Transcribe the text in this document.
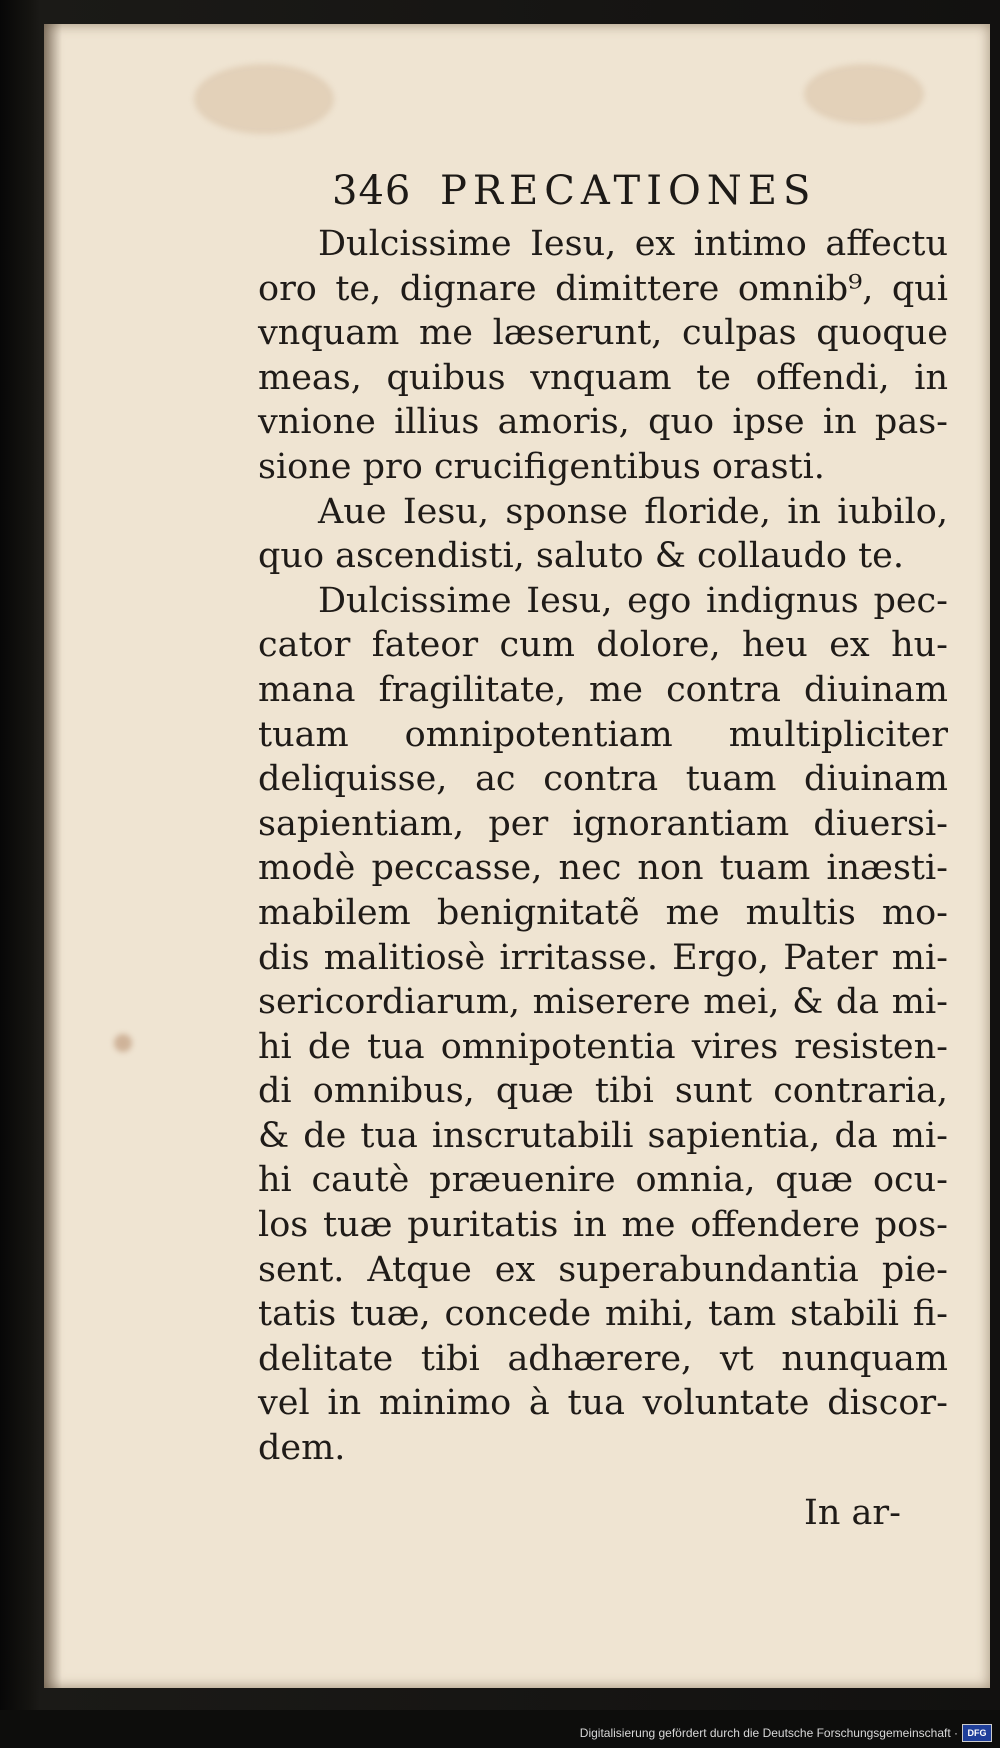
346 PRECATIONES
Dulcissime Iesu, ex intimo affectu
oro te, dignare dimittere omnib⁹, qui
vnquam me læserunt, culpas quoque
meas, quibus vnquam te offendi, in
vnione illius amoris, quo ipse in pas-
sione pro crucifigentibus orasti.
Aue Iesu, sponse floride, in iubilo,
quo ascendisti, saluto & collaudo te.
Dulcissime Iesu, ego indignus pec-
cator fateor cum dolore, heu ex hu-
mana fragilitate, me contra diuinam
tuam omnipotentiam multipliciter
deliquisse, ac contra tuam diuinam
sapientiam, per ignorantiam diuersi-
modè peccasse, nec non tuam inæsti-
mabilem benignitatẽ me multis mo-
dis malitiosè irritasse. Ergo, Pater mi-
sericordiarum, miserere mei, & da mi-
hi de tua omnipotentia vires resisten-
di omnibus, quæ tibi sunt contraria,
& de tua inscrutabili sapientia, da mi-
hi cautè præuenire omnia, quæ ocu-
los tuæ puritatis in me offendere pos-
sent. Atque ex superabundantia pie-
tatis tuæ, concede mihi, tam stabili fi-
delitate tibi adhærere, vt nunquam
vel in minimo à tua voluntate discor-
dem.
In ar-
Digitalisierung gefördert durch die Deutsche Forschungsgemeinschaft ·	DFG
